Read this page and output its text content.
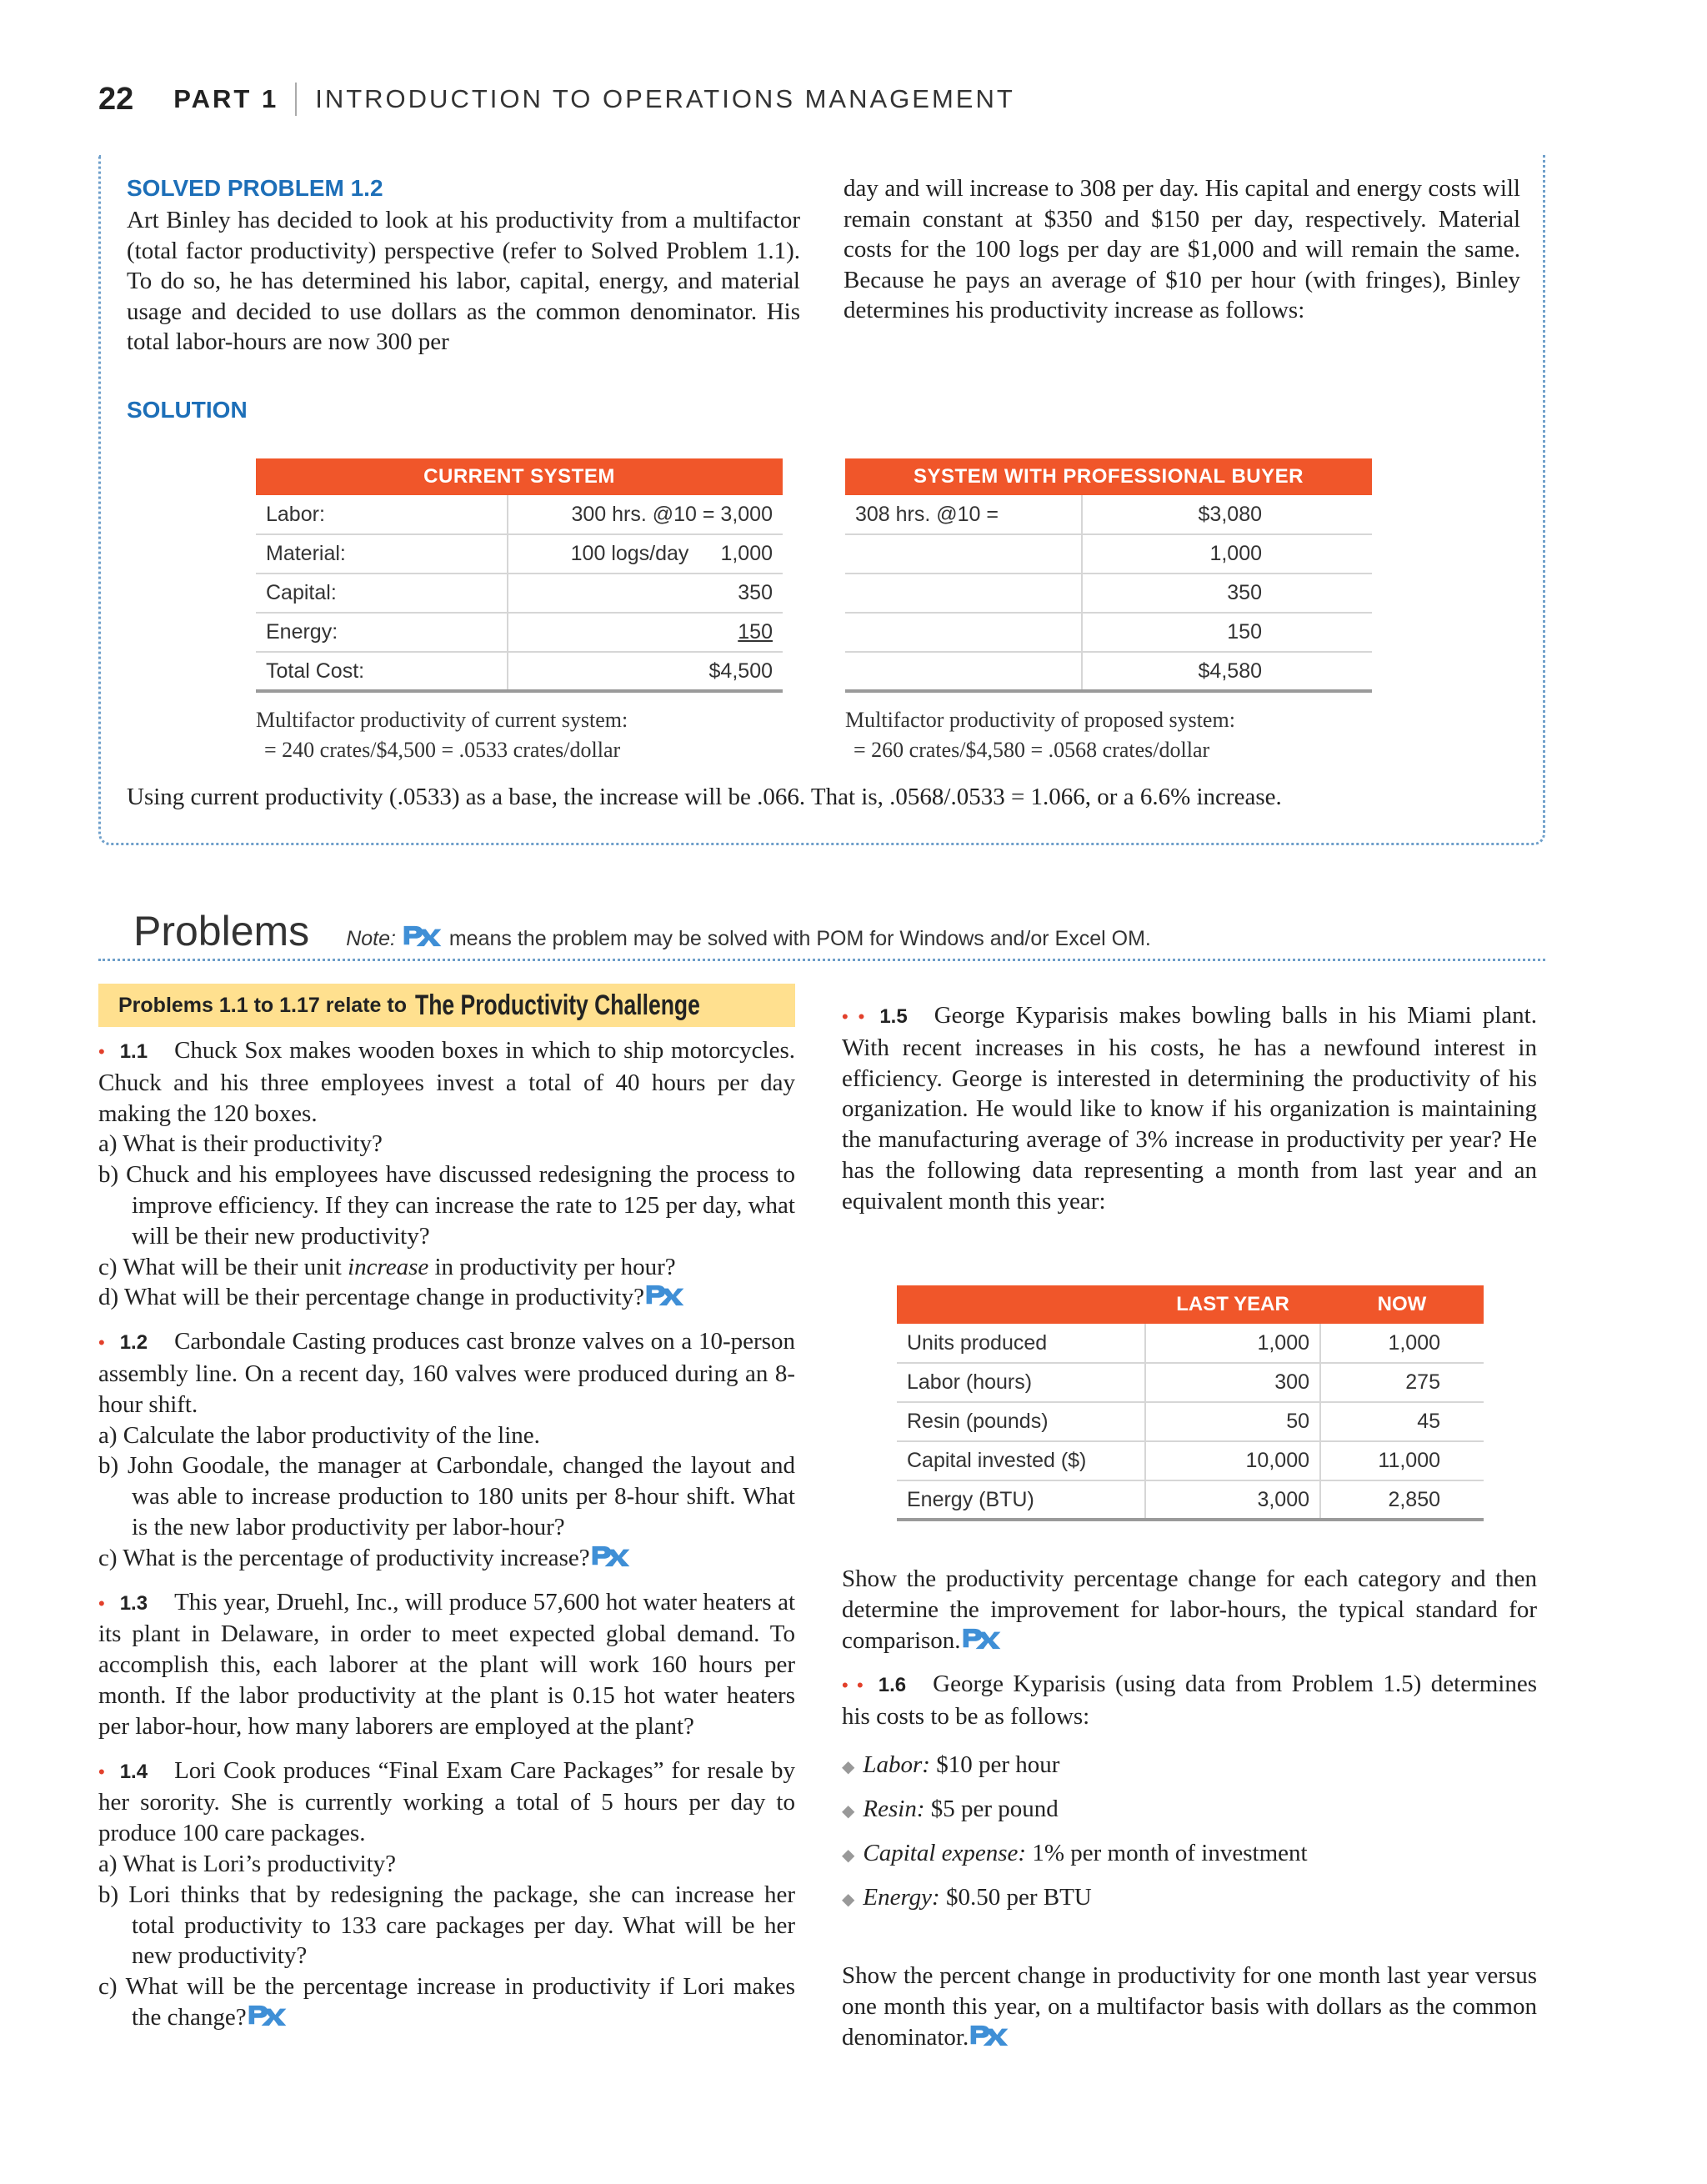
22 PART 1 INTRODUCTION TO OPERATIONS MANAGEMENT
SOLVED PROBLEM 1.2
Art Binley has decided to look at his productivity from a multifactor (total factor productivity) perspective (refer to Solved Problem 1.1). To do so, he has determined his labor, capital, energy, and material usage and decided to use dollars as the common denominator. His total labor-hours are now 300 per
day and will increase to 308 per day. His capital and energy costs will remain constant at $350 and $150 per day, respectively. Material costs for the 100 logs per day are $1,000 and will remain the same. Because he pays an average of $10 per hour (with fringes), Binley determines his productivity increase as follows:
SOLUTION
CURRENT SYSTEM	
Labor:	300 hrs. @10 = 3,000
Material:	100 logs/day 1,000
Capital:	350
Energy:	150
Total Cost:	$4,500
SYSTEM WITH PROFESSIONAL BUYER	
308 hrs. @10 =	$3,080
	1,000
	350
	150
	$4,580
Multifactor productivity of current system:
= 240 crates/$4,500 = .0533 crates/dollar
Multifactor productivity of proposed system:
= 260 crates/$4,580 = .0568 crates/dollar
Using current productivity (.0533) as a base, the increase will be .066. That is, .0568/.0533 = 1.066, or a 6.6% increase.
Problems Note:	means the problem may be solved with POM for Windows and/or Excel OM.
Problems 1.1 to 1.17 relate to The Productivity Challenge
• 1.1 Chuck Sox makes wooden boxes in which to ship motorcycles. Chuck and his three employees invest a total of 40 hours per day making the 120 boxes.
a) What is their productivity?
b) Chuck and his employees have discussed redesigning the process to improve efficiency. If they can increase the rate to 125 per day, what will be their new productivity?
c) What will be their unit increase in productivity per hour?
d) What will be their percentage change in productivity?
• 1.2 Carbondale Casting produces cast bronze valves on a 10-person assembly line. On a recent day, 160 valves were produced during an 8-hour shift.
a) Calculate the labor productivity of the line.
b) John Goodale, the manager at Carbondale, changed the layout and was able to increase production to 180 units per 8-hour shift. What is the new labor productivity per labor-hour?
c) What is the percentage of productivity increase?
• 1.3 This year, Druehl, Inc., will produce 57,600 hot water heaters at its plant in Delaware, in order to meet expected global demand. To accomplish this, each laborer at the plant will work 160 hours per month. If the labor productivity at the plant is 0.15 hot water heaters per labor-hour, how many laborers are employed at the plant?
• 1.4 Lori Cook produces “Final Exam Care Packages” for resale by her sorority. She is currently working a total of 5 hours per day to produce 100 care packages.
a) What is Lori’s productivity?
b) Lori thinks that by redesigning the package, she can increase her total productivity to 133 care packages per day. What will be her new productivity?
c) What will be the percentage increase in productivity if Lori makes the change?
• • 1.5 George Kyparisis makes bowling balls in his Miami plant. With recent increases in his costs, he has a newfound interest in efficiency. George is interested in determining the productivity of his organization. He would like to know if his organization is maintaining the manufacturing average of 3% increase in productivity per year? He has the following data representing a month from last year and an equivalent month this year:
	LAST YEAR	NOW
Units produced	1,000	1,000
Labor (hours)	300	275
Resin (pounds)	50	45
Capital invested ($)	10,000	11,000
Energy (BTU)	3,000	2,850
Show the productivity percentage change for each category and then determine the improvement for labor-hours, the typical standard for comparison.
• • 1.6 George Kyparisis (using data from Problem 1.5) determines his costs to be as follows:
◆ Labor: $10 per hour
◆ Resin: $5 per pound
◆ Capital expense: 1% per month of investment
◆ Energy: $0.50 per BTU
Show the percent change in productivity for one month last year versus one month this year, on a multifactor basis with dollars as the common denominator.
